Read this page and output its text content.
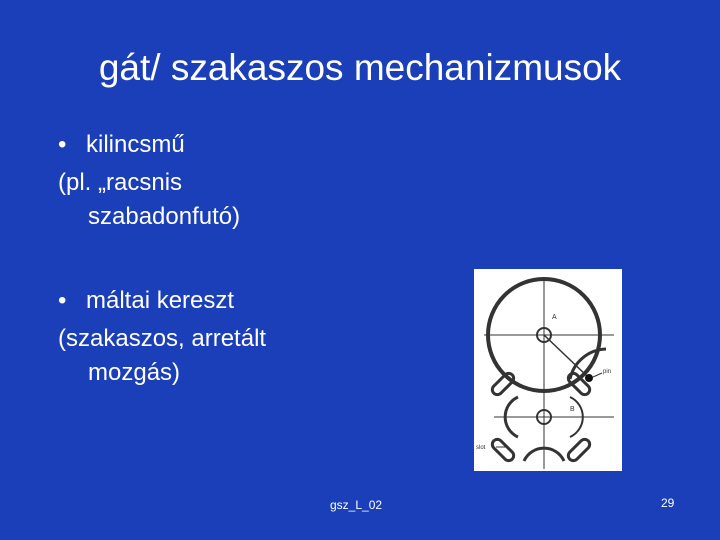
gát/ szakaszos mechanizmusok
• kilincsmű
(pl. „racsnis
szabadonfutó)
• máltai kereszt
(szakaszos, arretált
mozgás)	pin
A
B
slot
gsz_L_02	29
